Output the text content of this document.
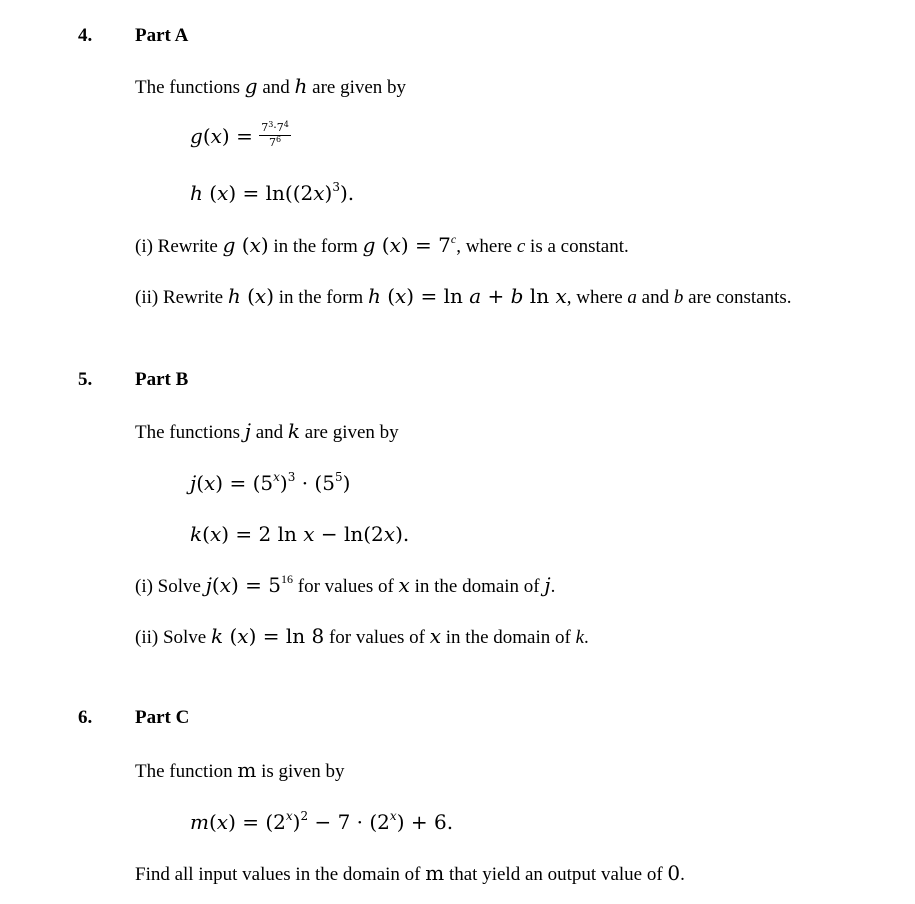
4. Part A
The functions g and h are given by
$g(x) = \frac{7^3\cdot 7^4}{7^6}$
h $(x) = \ln((2x)^3)$.
(i) Rewrite g (x) in the form g $(x) = 7^c$, where c is a constant.
(ii) Rewrite h (x) in the form h (x) = ln a + b ln x, where a and b are constants.
5. Part B
The functions j and k are given by
$j(x) = (5^x)^3 \cdot (5^5)$
k(x) = 2 ln x − ln(2x).
(i) Solve $j(x) = 5^{16}$ for values of x in the domain of j.
(ii) Solve k (x) = ln 8 for values of x in the domain of k.
6. Part C
The function m is given by
$m(x) = (2^x)^2 - 7 \cdot (2^x) + 6$.
Find all input values in the domain of m that yield an output value of 0.
